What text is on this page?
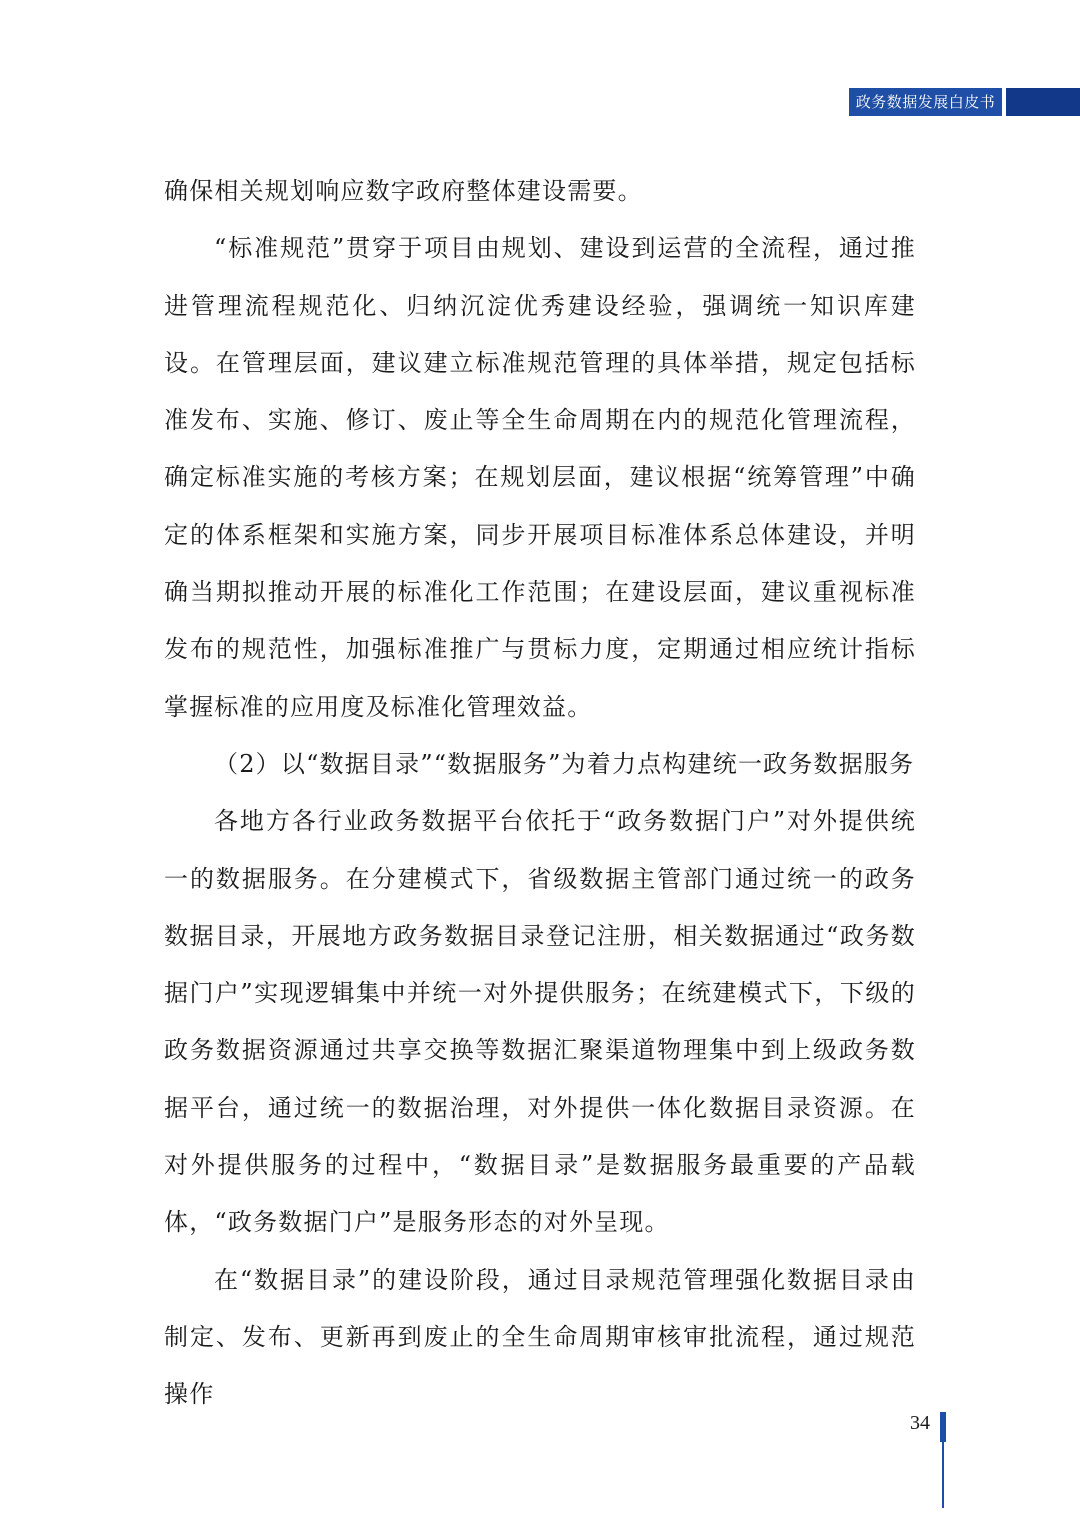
政务数据发展白皮书

确保相关规划响应数字政府整体建设需要。

“标准规范”贯穿于项目由规划、建设到运营的全流程，通过推进管理流程规范化、归纳沉淀优秀建设经验，强调统一知识库建设。在管理层面，建议建立标准规范管理的具体举措，规定包括标准发布、实施、修订、废止等全生命周期在内的规范化管理流程，确定标准实施的考核方案；在规划层面，建议根据“统筹管理”中确定的体系框架和实施方案，同步开展项目标准体系总体建设，并明确当期拟推动开展的标准化工作范围；在建设层面，建议重视标准发布的规范性，加强标准推广与贯标力度，定期通过相应统计指标掌握标准的应用度及标准化管理效益。

（2）以“数据目录”“数据服务”为着力点构建统一政务数据服务

各地方各行业政务数据平台依托于“政务数据门户”对外提供统一的数据服务。在分建模式下，省级数据主管部门通过统一的政务数据目录，开展地方政务数据目录登记注册，相关数据通过“政务数据门户”实现逻辑集中并统一对外提供服务；在统建模式下，下级的政务数据资源通过共享交换等数据汇聚渠道物理集中到上级政务数据平台，通过统一的数据治理，对外提供一体化数据目录资源。在对外提供服务的过程中，“数据目录”是数据服务最重要的产品载体，“政务数据门户”是服务形态的对外呈现。

在“数据目录”的建设阶段，通过目录规范管理强化数据目录由制定、发布、更新再到废止的全生命周期审核审批流程，通过规范操作

34
